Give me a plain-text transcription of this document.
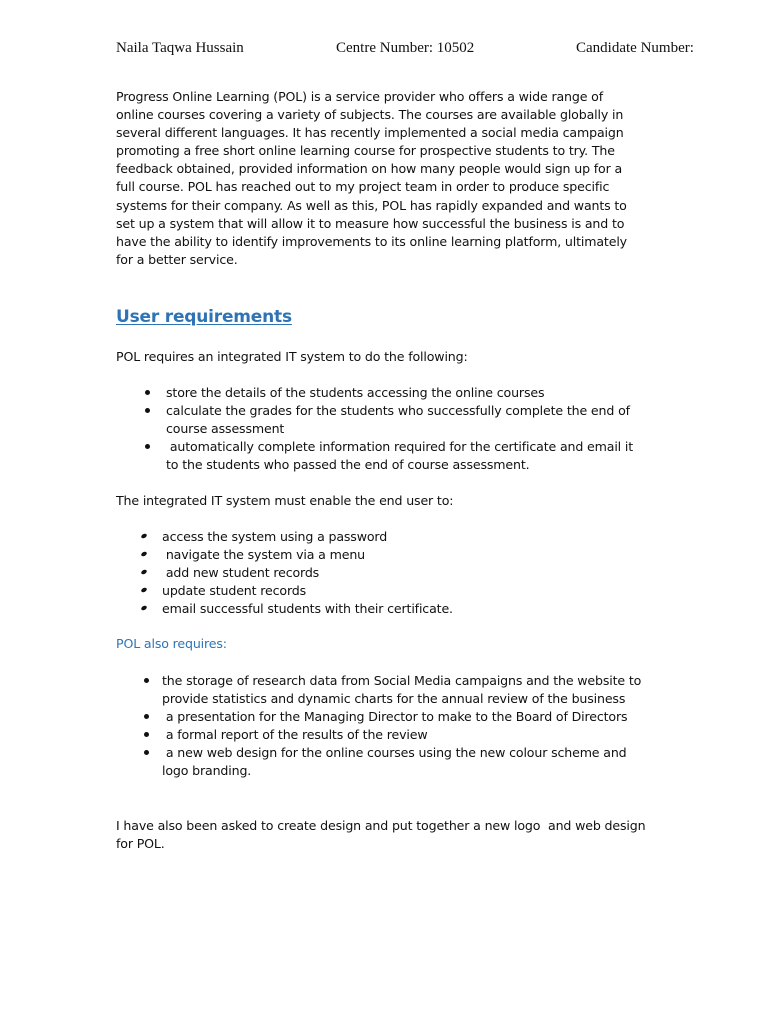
Naila Taqwa Hussain	Centre Number: 10502	Candidate Number:

Progress Online Learning (POL) is a service provider who offers a wide range of

online courses covering a variety of subjects. The courses are available globally in

several different languages. It has recently implemented a social media campaign

promoting a free short online learning course for prospective students to try. The

feedback obtained, provided information on how many people would sign up for a

full course. POL has reached out to my project team in order to produce specific

systems for their company. As well as this, POL has rapidly expanded and wants to

set up a system that will allow it to measure how successful the business is and to

have the ability to identify improvements to its online learning platform, ultimately

for a better service.

User requirements

POL requires an integrated IT system to do the following:

store the details of the students accessing the online courses
calculate the grades for the students who successfully complete the end of
course assessment
automatically complete information required for the certificate and email it
to the students who passed the end of course assessment.

The integrated IT system must enable the end user to:

access the system using a password
navigate the system via a menu
add new student records
update student records
email successful students with their certificate.

POL also requires:

the storage of research data from Social Media campaigns and the website to
provide statistics and dynamic charts for the annual review of the business
a presentation for the Managing Director to make to the Board of Directors
a formal report of the results of the review
a new web design for the online courses using the new colour scheme and
logo branding.
I have also been asked to create design and put together a new logo  and web design
for POL.
